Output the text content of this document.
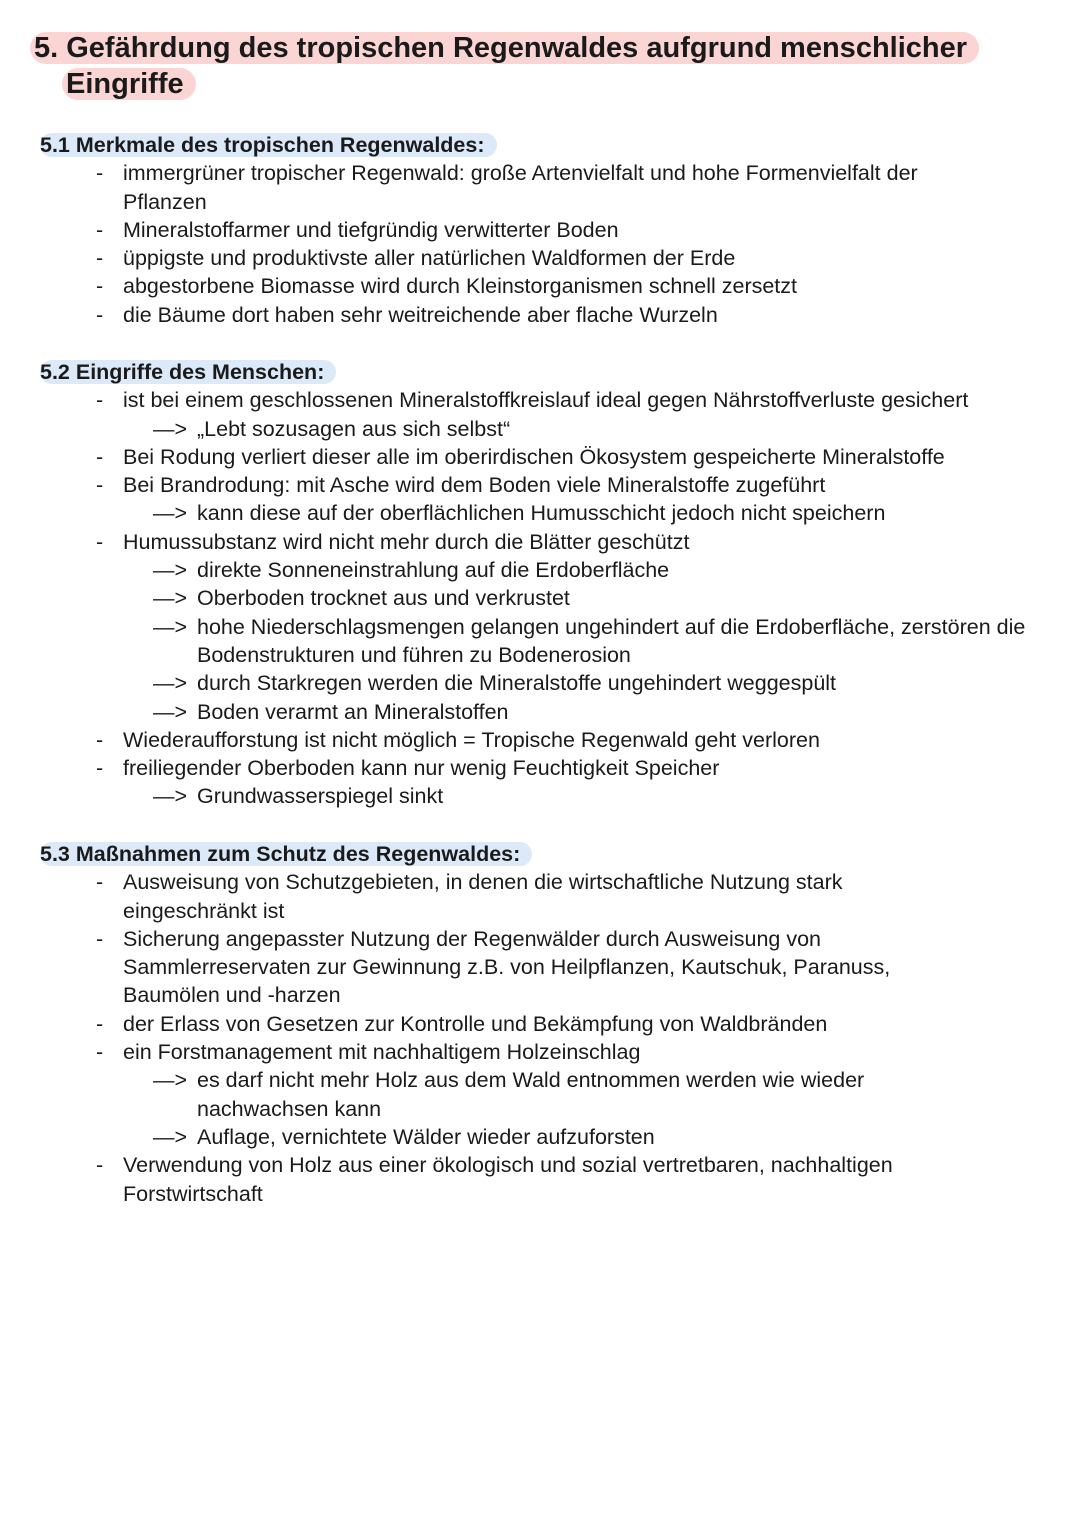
5. Gefährdung des tropischen Regenwaldes aufgrund menschlicher
Eingriffe
5.1 Merkmale des tropischen Regenwaldes:
- immergrüner tropischer Regenwald: große Artenvielfalt und hohe Formenvielfalt der Pflanzen
- Mineralstoffarmer und tiefgründig verwitterter Boden
- üppigste und produktivste aller natürlichen Waldformen der Erde
- abgestorbene Biomasse wird durch Kleinstorganismen schnell zersetzt
- die Bäume dort haben sehr weitreichende aber flache Wurzeln
5.2 Eingriffe des Menschen:
- ist bei einem geschlossenen Mineralstoffkreislauf ideal gegen Nährstoffverluste gesichert
—> „Lebt sozusagen aus sich selbst“
- Bei Rodung verliert dieser alle im oberirdischen Ökosystem gespeicherte Mineralstoffe
- Bei Brandrodung: mit Asche wird dem Boden viele Mineralstoffe zugeführt
—> kann diese auf der oberflächlichen Humusschicht jedoch nicht speichern
- Humussubstanz wird nicht mehr durch die Blätter geschützt
—> direkte Sonneneinstrahlung auf die Erdoberfläche
—> Oberboden trocknet aus und verkrustet
—> hohe Niederschlagsmengen gelangen ungehindert auf die Erdoberfläche, zerstören die Bodenstrukturen und führen zu Bodenerosion
—> durch Starkregen werden die Mineralstoffe ungehindert weggespült
—> Boden verarmt an Mineralstoffen
- Wiederaufforstung ist nicht möglich = Tropische Regenwald geht verloren
- freiliegender Oberboden kann nur wenig Feuchtigkeit Speicher
—> Grundwasserspiegel sinkt
5.3 Maßnahmen zum Schutz des Regenwaldes:
- Ausweisung von Schutzgebieten, in denen die wirtschaftliche Nutzung stark eingeschränkt ist
- Sicherung angepasster Nutzung der Regenwälder durch Ausweisung von Sammlerreservaten zur Gewinnung z.B. von Heilpflanzen, Kautschuk, Paranuss, Baumölen und -harzen
- der Erlass von Gesetzen zur Kontrolle und Bekämpfung von Waldbränden
- ein Forstmanagement mit nachhaltigem Holzeinschlag
—> es darf nicht mehr Holz aus dem Wald entnommen werden wie wieder nachwachsen kann
—> Auflage, vernichtete Wälder wieder aufzuforsten
- Verwendung von Holz aus einer ökologisch und sozial vertretbaren, nachhaltigen Forstwirtschaft
